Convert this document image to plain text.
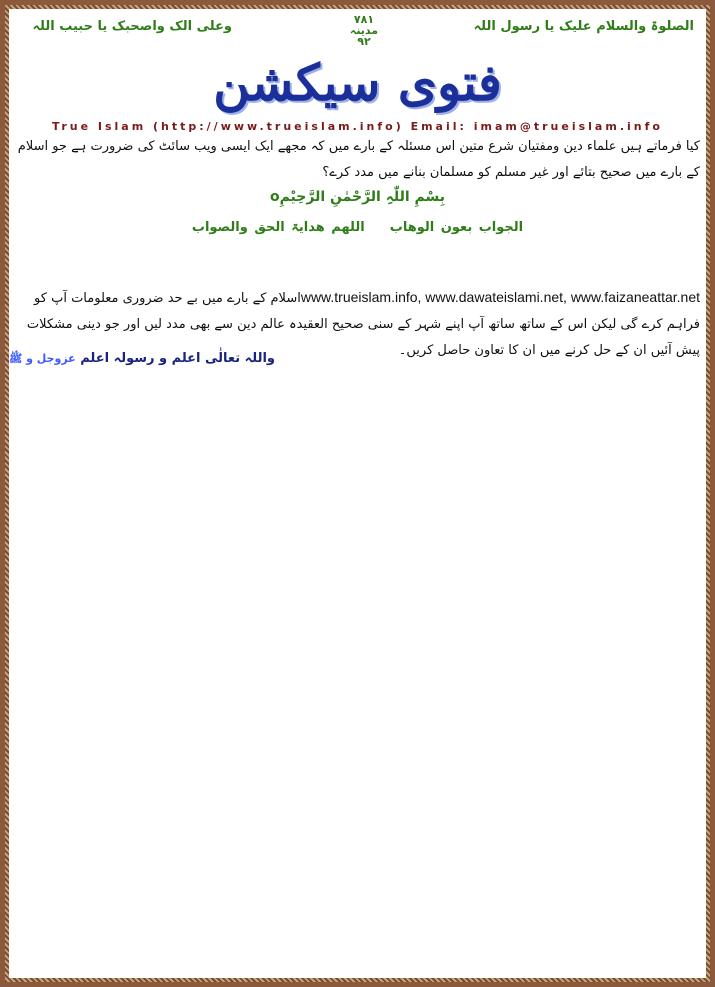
الصلوۃ والسلام علیک یا رسول اللہ
۷۸۱
مدینہ
۹۲
وعلی الک واصحبک یا حبیب اللہ
فتوی سیکشن
True Islam (http://www.trueislam.info) Email: imam@trueislam.info
کیا فرماتے ہیں علماء دین ومفتیان شرع متین اس مسئلہ کے بارے میں کہ مجھے ایک ایسی ویب سائٹ کی ضرورت ہے جو اسلام کے بارے میں صحیح بتائے اور غیر مسلم کو مسلمان بنانے میں مدد کرے؟
بِسْمِ اللّٰہِ الرَّحْمٰنِ الرَّحِیْمِo
الجواب بعون الوھاب  اللھم ھدایۃ الحق والصواب
www.trueislam.info, www.dawateislami.net, www.faizaneattar.netاسلام کے بارے میں بے حد ضروری معلومات آپ کو فراہم کرے گی لیکن اس کے ساتھ ساتھ آپ اپنے شہر کے سنی صحیح العقیدہ عالم دین سے بھی مدد لیں اور جو دینی مشکلات پیش آئیں ان کے حل کرنے میں ان کا تعاون حاصل کریں۔
واللہ تعالٰی اعلم و رسولہ اعلم عزوجل و ﷺ
